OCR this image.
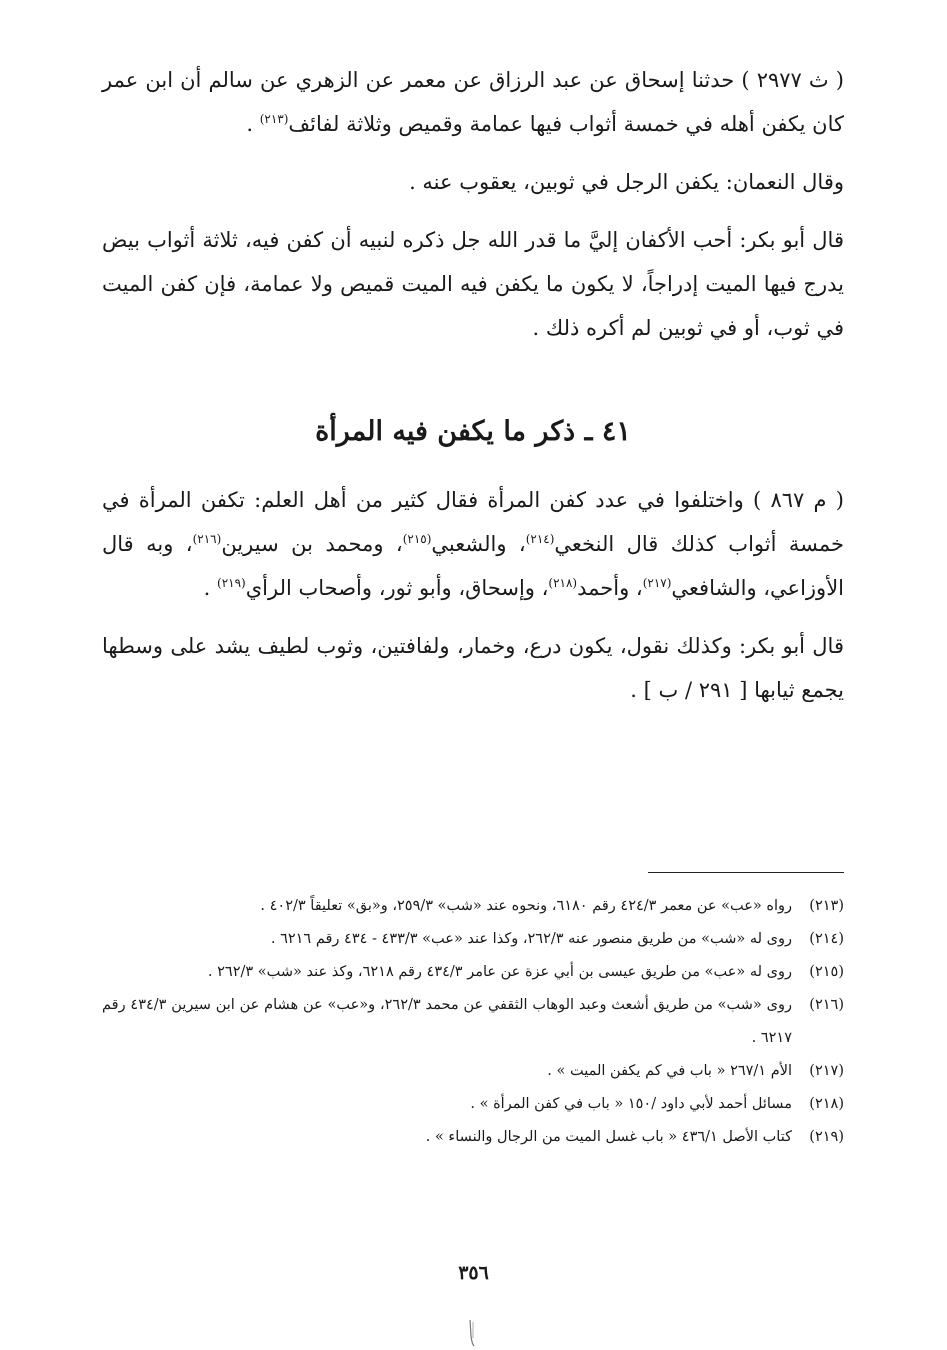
( ث ٢٩٧٧ ) حدثنا إسحاق عن عبد الرزاق عن معمر عن الزهري عن سالم أن ابن عمر كان يكفن أهله في خمسة أثواب فيها عمامة وقميص وثلاثة لفائف$^{(٢١٣)}$ .

وقال النعمان: يكفن الرجل في ثوبين، يعقوب عنه .

قال أبو بكر: أحب الأكفان إليَّ ما قدر الله جل ذكره لنبيه أن كفن فيه، ثلاثة أثواب بيض يدرج فيها الميت إدراجاً، لا يكون ما يكفن فيه الميت قميص ولا عمامة، فإن كفن الميت في ثوب، أو في ثوبين لم أكره ذلك .

٤١ ـ ذكر ما يكفن فيه المرأة

( م ٨٦٧ ) واختلفوا في عدد كفن المرأة فقال كثير من أهل العلم: تكفن المرأة في خمسة أثواب كذلك قال النخعي$^{(٢١٤)}$، والشعبي$^{(٢١٥)}$، ومحمد بن سيرين$^{(٢١٦)}$، وبه قال الأوزاعي، والشافعي$^{(٢١٧)}$، وأحمد$^{(٢١٨)}$، وإسحاق، وأبو ثور، وأصحاب الرأي$^{(٢١٩)}$ .

قال أبو بكر: وكذلك نقول، يكون درع، وخمار، ولفافتين، وثوب لطيف يشد على وسطها يجمع ثيابها [ ٢٩١ / ب ] .

(٢١٣)
رواه «عب» عن معمر ٤٢٤/٣ رقم ٦١٨٠، ونحوه عند «شب» ٢٥٩/٣، و«بق» تعليقاً ٤٠٢/٣ .
(٢١٤)
روى له «شب» من طريق منصور عنه ٢٦٢/٣، وكذا عند «عب» ٤٣٣/٣ - ٤٣٤ رقم ٦٢١٦ .
(٢١٥)
روى له «عب» من طريق عيسى بن أبي عزة عن عامر ٤٣٤/٣ رقم ٦٢١٨، وكذ عند «شب» ٢٦٢/٣ .
(٢١٦)
روى «شب» من طريق أشعث وعبد الوهاب الثقفي عن محمد ٢٦٢/٣، و«عب» عن هشام عن ابن سيرين ٤٣٤/٣ رقم ٦٢١٧ .
(٢١٧)
الأم ٢٦٧/١ « باب في كم يكفن الميت » .
(٢١٨)
مسائل أحمد لأبي داود /١٥٠ « باب في كفن المرأة » .
(٢١٩)
كتاب الأصل ٤٣٦/١ « باب غسل الميت من الرجال والنساء » .
٣٥٦
